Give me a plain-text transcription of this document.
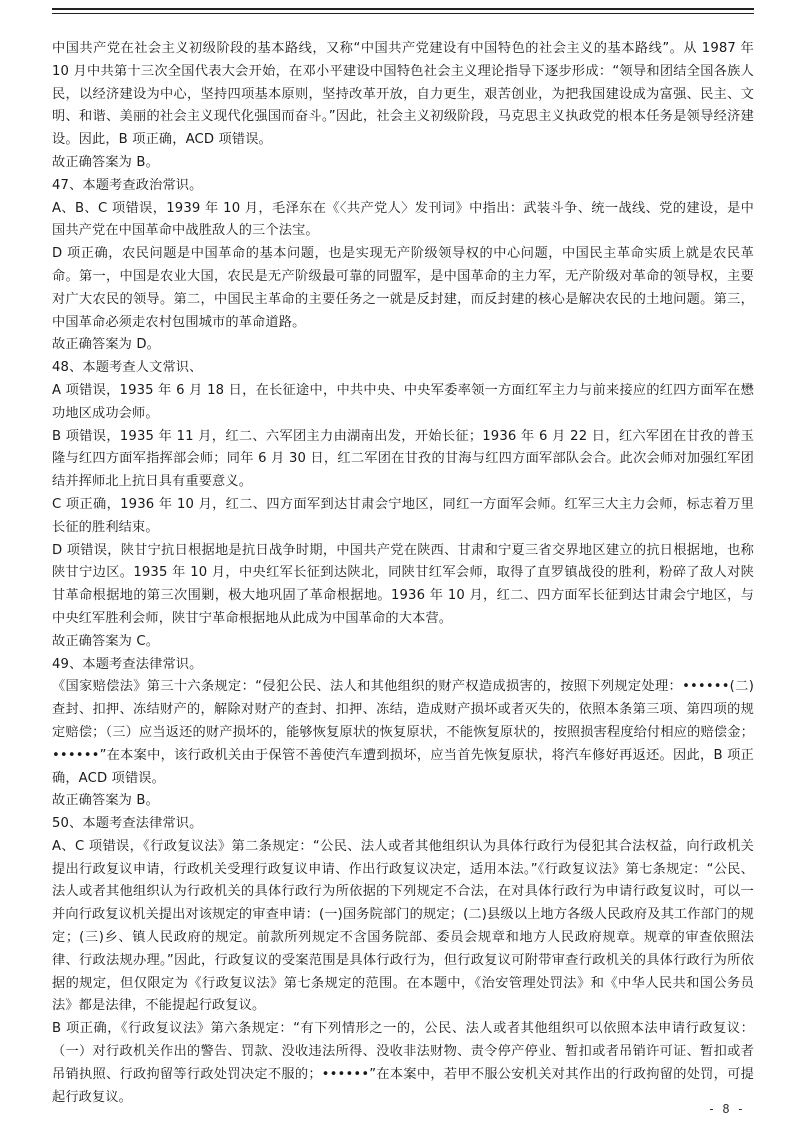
中国共产党在社会主义初级阶段的基本路线，又称“中国共产党建设有中国特色的社会主义的基本路线”。从 1987 年 10 月中共第十三次全国代表大会开始，在邓小平建设中国特色社会主义理论指导下逐步形成：“领导和团结全国各族人民，以经济建设为中心，坚持四项基本原则，坚持改革开放，自力更生，艰苦创业，为把我国建设成为富强、民主、文明、和谐、美丽的社会主义现代化强国而奋斗。”因此，社会主义初级阶段，马克思主义执政党的根本任务是领导经济建设。因此，B 项正确，ACD 项错误。

故正确答案为 B。

47、本题考查政治常识。

A、B、C 项错误，1939 年 10 月，毛泽东在《〈共产党人〉发刊词》中指出：武装斗争、统一战线、党的建设，是中国共产党在中国革命中战胜敌人的三个法宝。

D 项正确，农民问题是中国革命的基本问题，也是实现无产阶级领导权的中心问题，中国民主革命实质上就是农民革命。第一，中国是农业大国，农民是无产阶级最可靠的同盟军，是中国革命的主力军，无产阶级对革命的领导权，主要对广大农民的领导。第二，中国民主革命的主要任务之一就是反封建，而反封建的核心是解决农民的土地问题。第三，中国革命必须走农村包围城市的革命道路。

故正确答案为 D。

48、本题考查人文常识、

A 项错误，1935 年 6 月 18 日，在长征途中，中共中央、中央军委率领一方面红军主力与前来接应的红四方面军在懋功地区成功会师。

B 项错误，1935 年 11 月，红二、六军团主力由湖南出发，开始长征；1936 年 6 月 22 日，红六军团在甘孜的普玉隆与红四方面军指挥部会师；同年 6 月 30 日，红二军团在甘孜的甘海与红四方面军部队会合。此次会师对加强红军团结并挥师北上抗日具有重要意义。

C 项正确，1936 年 10 月，红二、四方面军到达甘肃会宁地区，同红一方面军会师。红军三大主力会师，标志着万里长征的胜利结束。

D 项错误，陕甘宁抗日根据地是抗日战争时期，中国共产党在陕西、甘肃和宁夏三省交界地区建立的抗日根据地，也称陕甘宁边区。1935 年 10 月，中央红军长征到达陕北，同陕甘红军会师，取得了直罗镇战役的胜利，粉碎了敌人对陕甘革命根据地的第三次围剿，极大地巩固了革命根据地。1936 年 10 月，红二、四方面军长征到达甘肃会宁地区，与中央红军胜利会师，陕甘宁革命根据地从此成为中国革命的大本营。

故正确答案为 C。

49、本题考查法律常识。

《国家赔偿法》第三十六条规定：“侵犯公民、法人和其他组织的财产权造成损害的，按照下列规定处理：••••••(二) 查封、扣押、冻结财产的，解除对财产的查封、扣押、冻结，造成财产损坏或者灭失的，依照本条第三项、第四项的规定赔偿；（三）应当返还的财产损坏的，能够恢复原状的恢复原状，不能恢复原状的，按照损害程度给付相应的赔偿金；••••••”在本案中，该行政机关由于保管不善使汽车遭到损坏，应当首先恢复原状，将汽车修好再返还。因此，B 项正确，ACD 项错误。

故正确答案为 B。

50、本题考查法律常识。

A、C 项错误，《行政复议法》第二条规定：“公民、法人或者其他组织认为具体行政行为侵犯其合法权益，向行政机关提出行政复议申请，行政机关受理行政复议申请、作出行政复议决定，适用本法。”《行政复议法》第七条规定：“公民、法人或者其他组织认为行政机关的具体行政行为所依据的下列规定不合法，在对具体行政行为申请行政复议时，可以一并向行政复议机关提出对该规定的审查申请：(一)国务院部门的规定；(二)县级以上地方各级人民政府及其工作部门的规定；(三)乡、镇人民政府的规定。前款所列规定不含国务院部、委员会规章和地方人民政府规章。规章的审查依照法律、行政法规办理。”因此，行政复议的受案范围是具体行政行为，但行政复议可附带审查行政机关的具体行政行为所依据的规定，但仅限定为《行政复议法》第七条规定的范围。在本题中，《治安管理处罚法》和《中华人民共和国公务员法》都是法律，不能提起行政复议。

B 项正确，《行政复议法》第六条规定：“有下列情形之一的，公民、法人或者其他组织可以依照本法申请行政复议：（一）对行政机关作出的警告、罚款、没收违法所得、没收非法财物、责令停产停业、暂扣或者吊销许可证、暂扣或者吊销执照、行政拘留等行政处罚决定不服的；••••••”在本案中，若甲不服公安机关对其作出的行政拘留的处罚，可提起行政复议。

- 8 -
